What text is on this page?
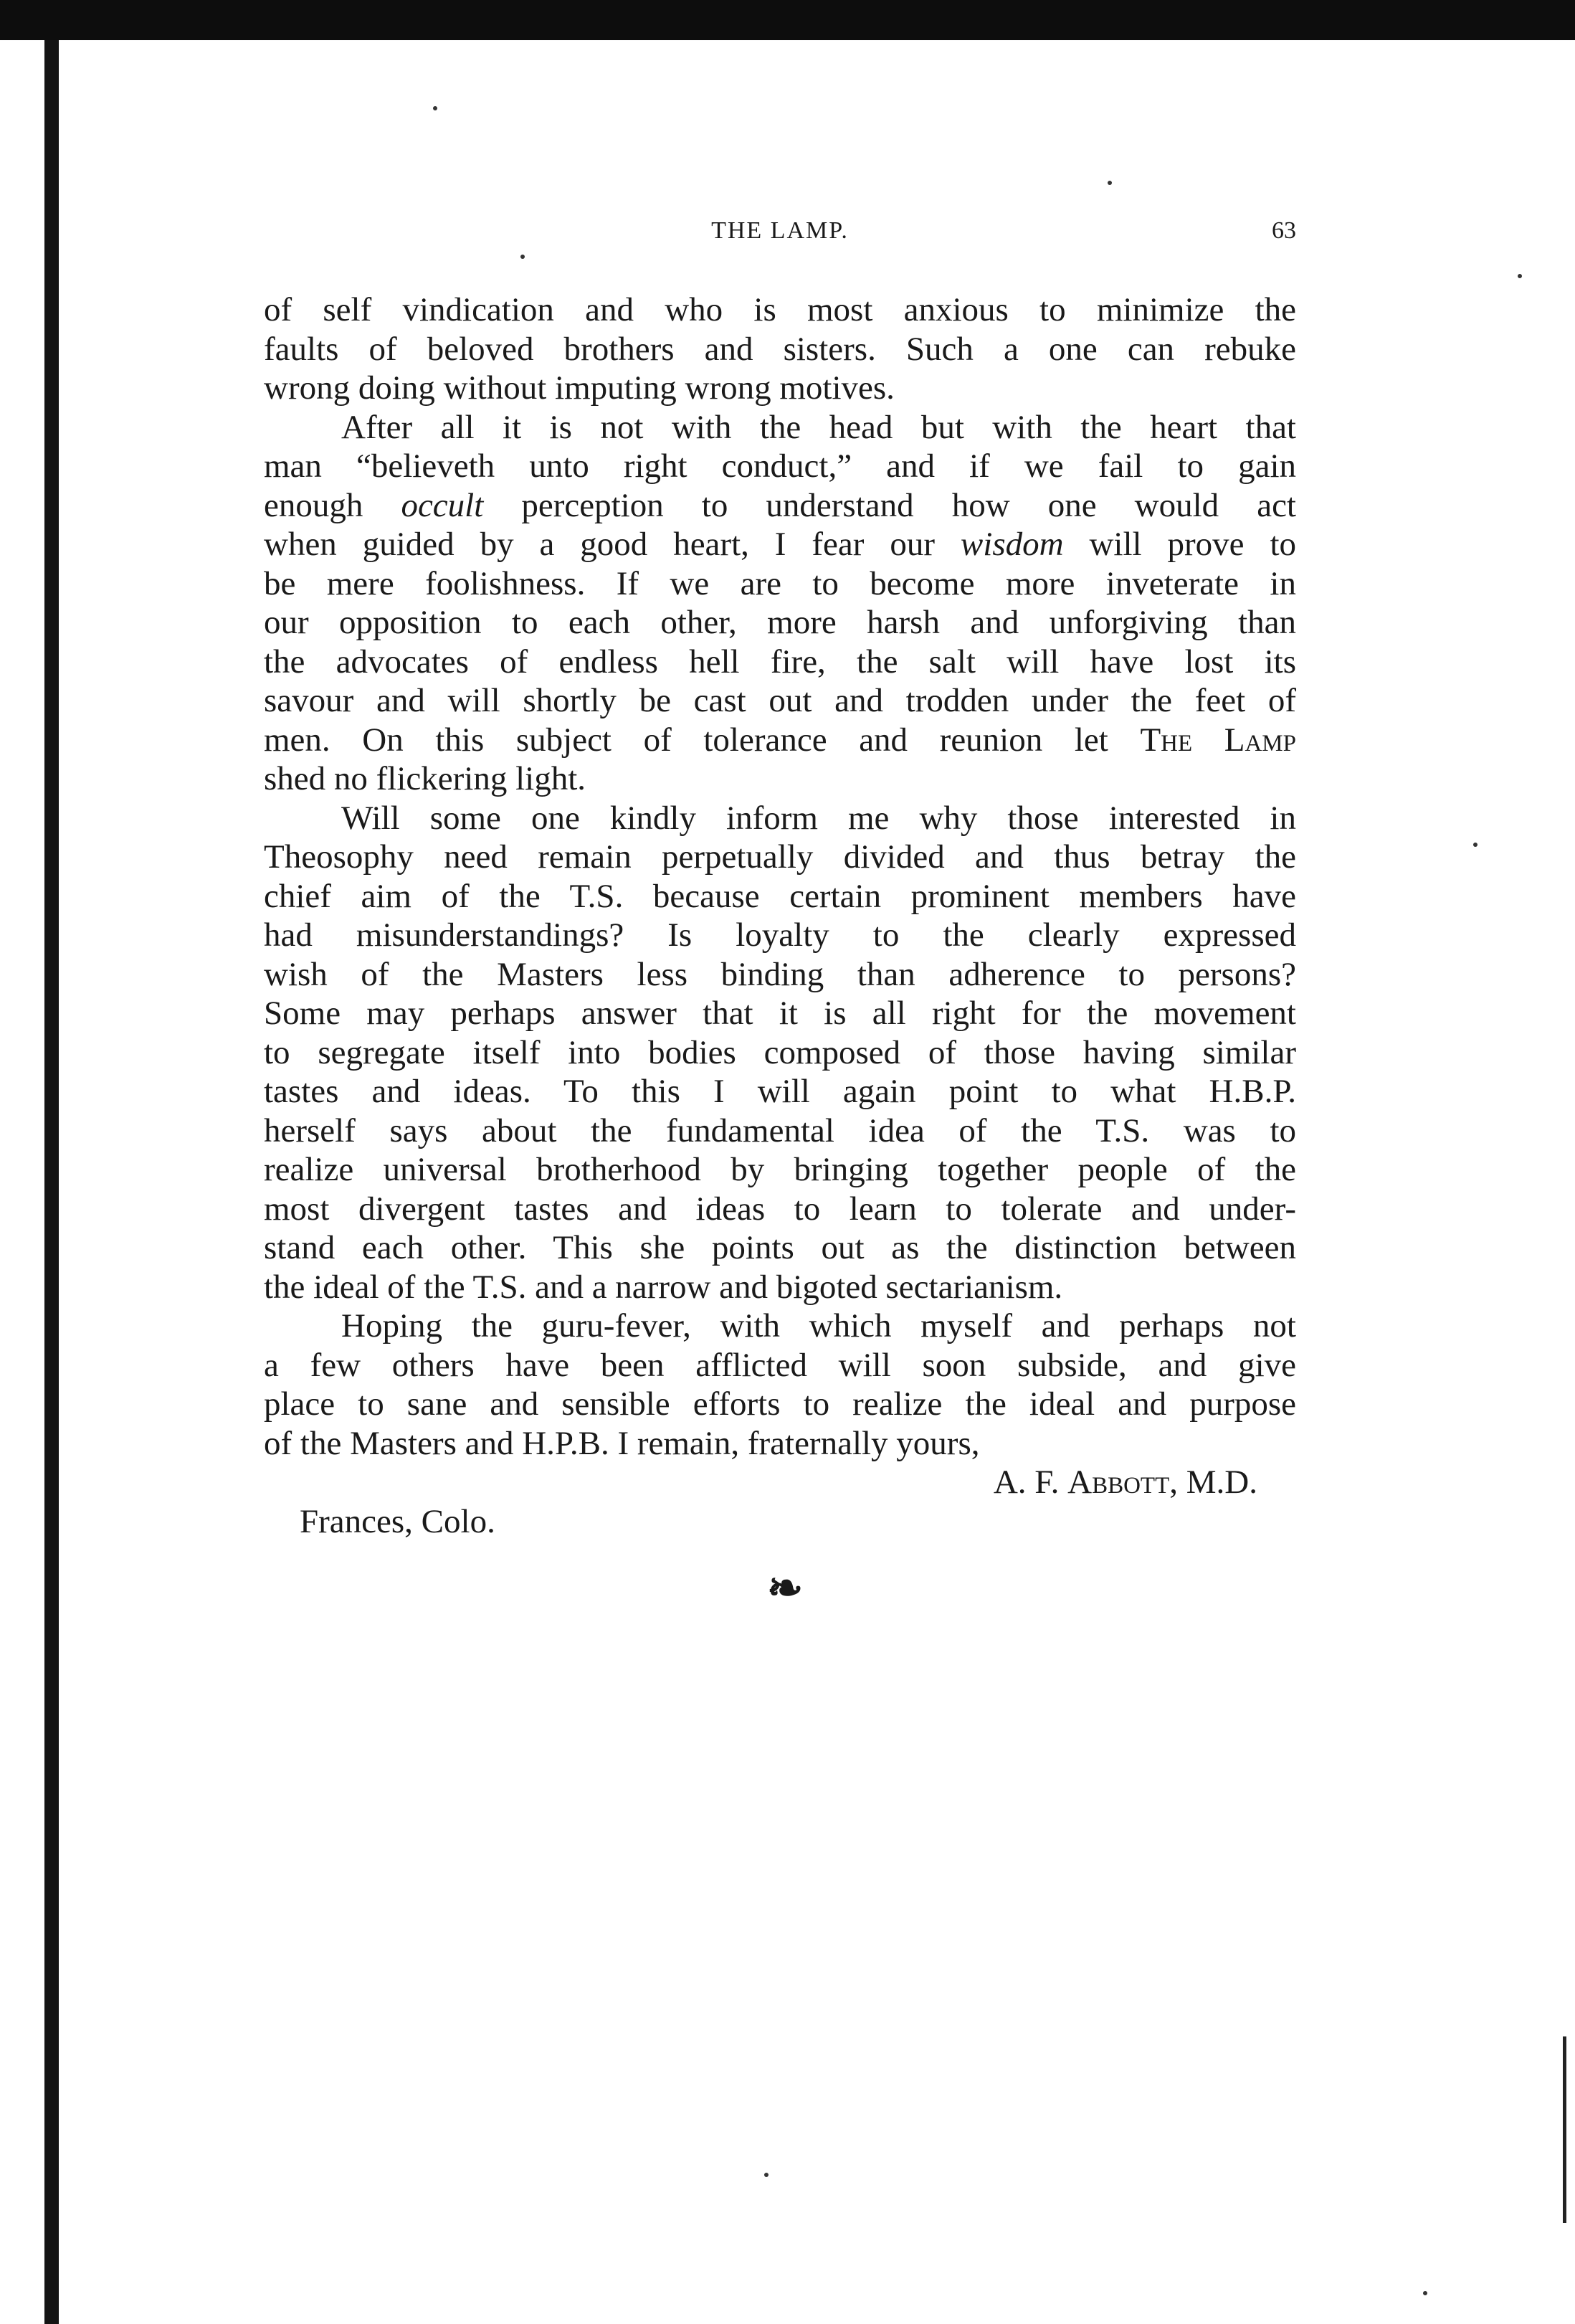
THE LAMP.	63
of self vindication and who is most anxious to minimize the
faults of beloved brothers and sisters. Such a one can rebuke
wrong doing without imputing wrong motives.
After all it is not with the head but with the heart that
man “believeth unto right conduct,” and if we fail to gain
enough occult perception to understand how one would act
when guided by a good heart, I fear our wisdom will prove to
be mere foolishness. If we are to become more inveterate in
our opposition to each other, more harsh and unforgiving than
the advocates of endless hell fire, the salt will have lost its
savour and will shortly be cast out and trodden under the feet of
men. On this subject of tolerance and reunion let The Lamp
shed no flickering light.
Will some one kindly inform me why those interested in
Theosophy need remain perpetually divided and thus betray the
chief aim of the T.S. because certain prominent members have
had misunderstandings? Is loyalty to the clearly expressed
wish of the Masters less binding than adherence to persons?
Some may perhaps answer that it is all right for the movement
to segregate itself into bodies composed of those having similar
tastes and ideas. To this I will again point to what H.B.P.
herself says about the fundamental idea of the T.S. was to
realize universal brotherhood by bringing together people of the
most divergent tastes and ideas to learn to tolerate and under-
stand each other. This she points out as the distinction between
the ideal of the T.S. and a narrow and bigoted sectarianism.
Hoping the guru-fever, with which myself and perhaps not
a few others have been afflicted will soon subside, and give
place to sane and sensible efforts to realize the ideal and purpose
of the Masters and H.P.B. I remain, fraternally yours,
A. F. Abbott, M.D.
Frances, Colo.
❧
